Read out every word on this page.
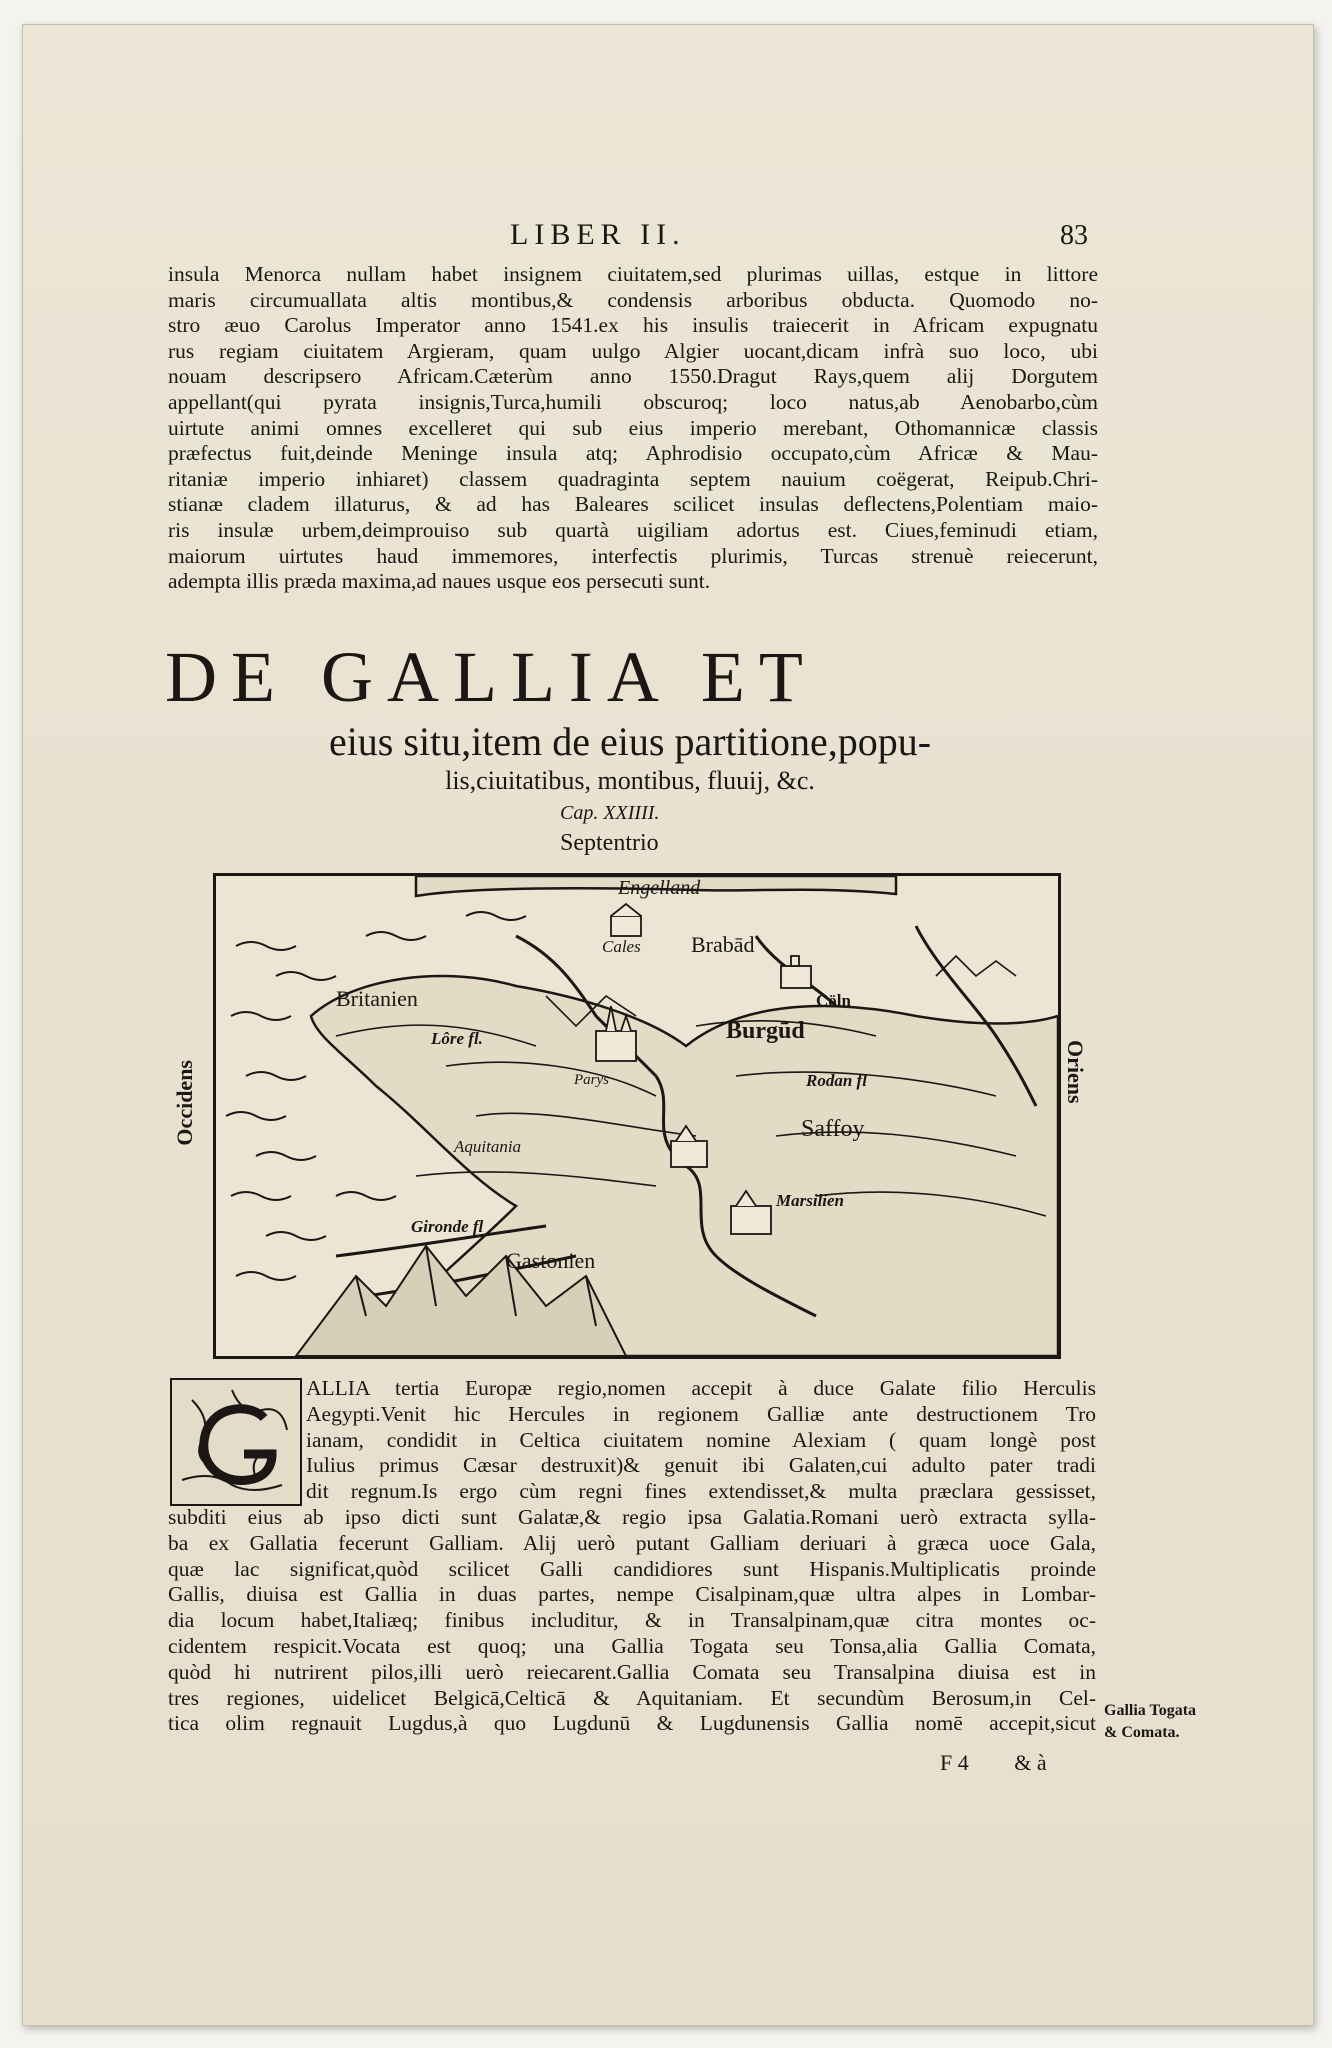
LIBER II.	83
insula Menorca nullam habet insignem ciuitatem,sed plurimas uillas, estque in littore
maris circumuallata altis montibus,& condensis arboribus obducta. Quomodo no-
stro æuo Carolus Imperator anno 1541.ex his insulis traiecerit in Africam expugnatu
rus regiam ciuitatem Argieram, quam uulgo Algier uocant,dicam infrà suo loco, ubi
nouam descripsero Africam.Cæterùm anno 1550.Dragut Rays,quem alij Dorgutem
appellant(qui pyrata insignis,Turca,humili obscuroq; loco natus,ab Aenobarbo,cùm
uirtute animi omnes excelleret qui sub eius imperio merebant, Othomannicæ classis
præfectus fuit,deinde Meninge insula atq; Aphrodisio occupato,cùm Africæ & Mau-
ritaniæ imperio inhiaret) classem quadraginta septem nauium coëgerat, Reipub.Chri-
stianæ cladem illaturus, & ad has Baleares scilicet insulas deflectens,Polentiam maio-
ris insulæ urbem,deimprouiso sub quartà uigiliam adortus est. Ciues,feminudi etiam,
maiorum uirtutes haud immemores, interfectis plurimis, Turcas strenuè reiecerunt,
adempta illis præda maxima,ad naues usque eos persecuti sunt.
DE GALLIA ET
eius situ,item de eius partitione,popu-
lis,ciuitatibus, montibus, fluuij, &c.
Cap. XXIIII.
Septentrio
Occidens	Oriens
Engelland
Cales Brabād
Cöln
Britanien
Lôre fl.
Parys
Burgūd
Rodan fl
Saffoy
Aquitania
Marsilien
Gironde fl
Gastonien
ALLIA tertia Europæ regio,nomen accepit à duce Galate filio Herculis
Aegypti.Venit hic Hercules in regionem Galliæ ante destructionem Tro
ianam, condidit in Celtica ciuitatem nomine Alexiam ( quam longè post
Iulius primus Cæsar destruxit)& genuit ibi Galaten,cui adulto pater tradi
dit regnum.Is ergo cùm regni fines extendisset,& multa præclara gessisset,
subditi eius ab ipso dicti sunt Galatæ,& regio ipsa Galatia.Romani uerò extracta sylla-
ba ex Gallatia fecerunt Galliam. Alij uerò putant Galliam deriuari à græca uoce Gala,
quæ lac significat,quòd scilicet Galli candidiores sunt Hispanis.Multiplicatis proinde
Gallis, diuisa est Gallia in duas partes, nempe Cisalpinam,quæ ultra alpes in Lombar-
dia locum habet,Italiæq; finibus includitur, & in Transalpinam,quæ citra montes oc-
cidentem respicit.Vocata est quoq; una Gallia Togata seu Tonsa,alia Gallia Comata,
quòd hi nutrirent pilos,illi uerò reiecarent.Gallia Comata seu Transalpina diuisa est in
tres regiones, uidelicet Belgicā,Celticā & Aquitaniam. Et secundùm Berosum,in Cel-
tica olim regnauit Lugdus,à quo Lugdunū & Lugdunensis Gallia nomē accepit,sicut
Gallia Togata
& Comata.
F 4 & à
